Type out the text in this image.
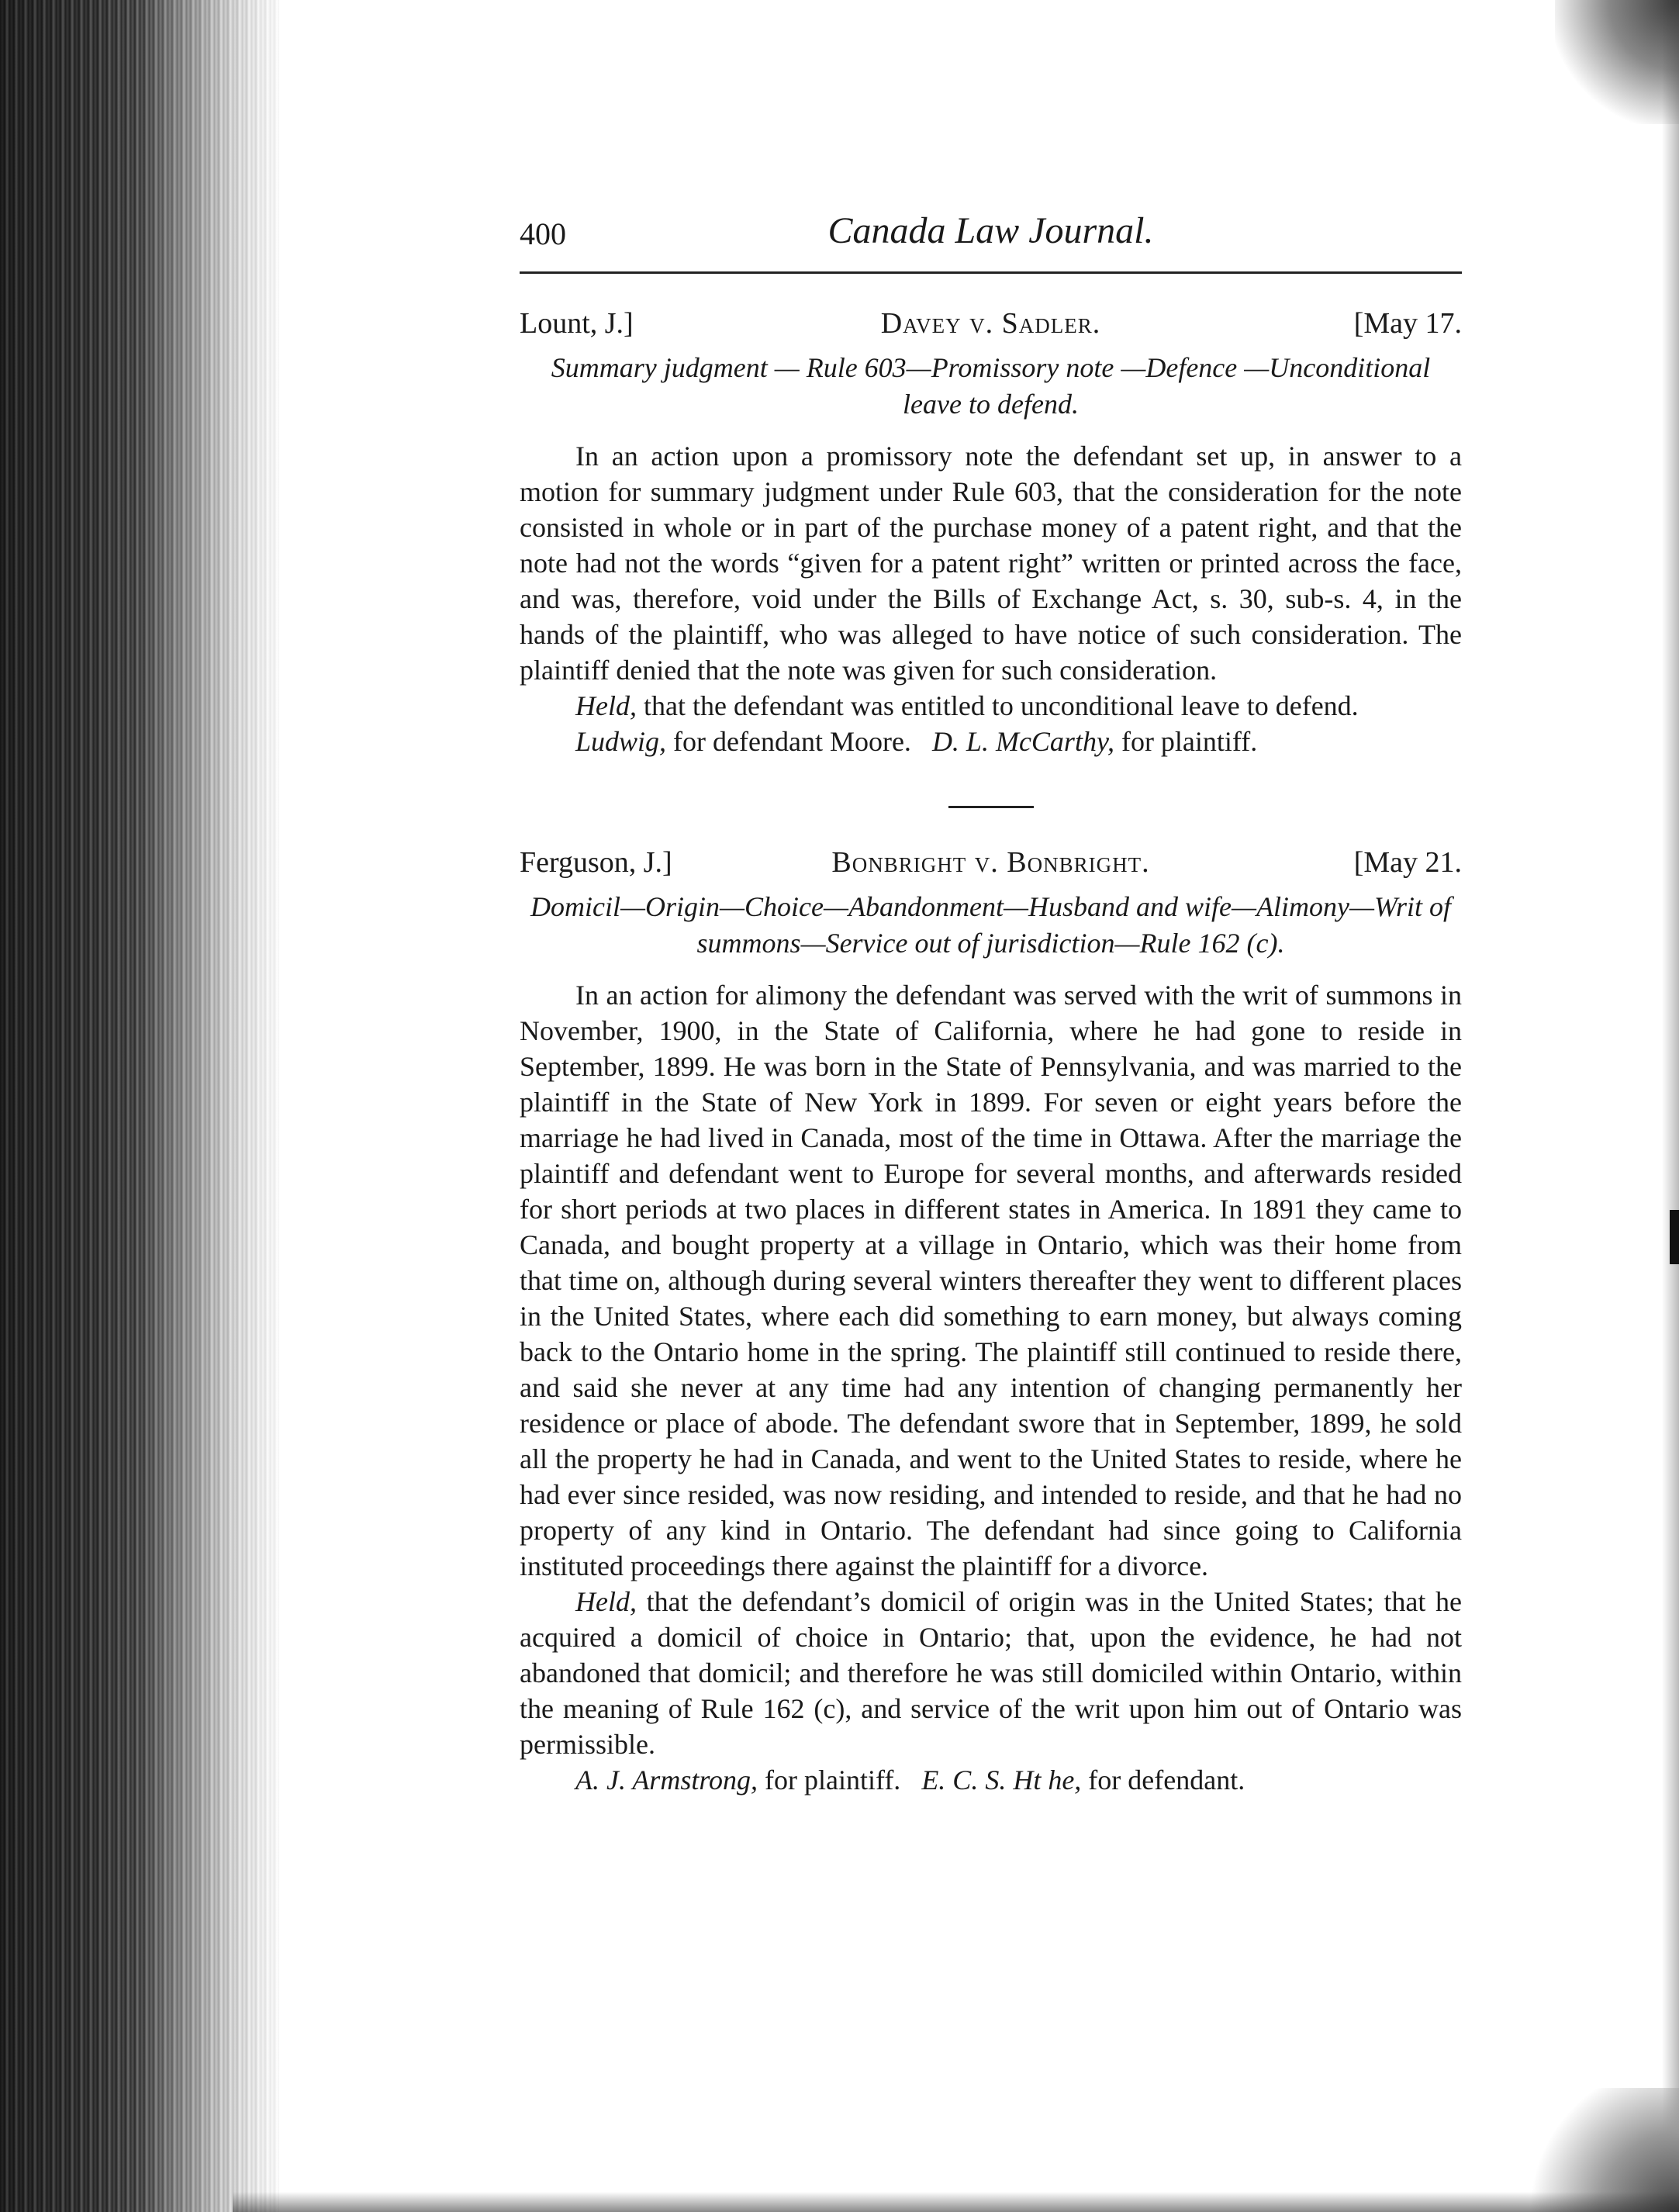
400	Canada Law Journal.
Lount, J.]	Davey v. Sadler.	[May 17.
Summary judgment — Rule 603—Promissory note —Defence —Unconditional leave to defend.

In an action upon a promissory note the defendant set up, in answer to a motion for summary judgment under Rule 603, that the consideration for the note consisted in whole or in part of the purchase money of a patent right, and that the note had not the words “given for a patent right” written or printed across the face, and was, therefore, void under the Bills of Exchange Act, s. 30, sub-s. 4, in the hands of the plaintiff, who was alleged to have notice of such consideration. The plaintiff denied that the note was given for such consideration.

Held, that the defendant was entitled to unconditional leave to defend.

Ludwig, for defendant Moore. D. L. McCarthy, for plaintiff.

Ferguson, J.]	Bonbright v. Bonbright.	[May 21.
Domicil—Origin—Choice—Abandonment—Husband and wife—Alimony—Writ of summons—Service out of jurisdiction—Rule 162 (c).

In an action for alimony the defendant was served with the writ of summons in November, 1900, in the State of California, where he had gone to reside in September, 1899. He was born in the State of Pennsylvania, and was married to the plaintiff in the State of New York in 1899. For seven or eight years before the marriage he had lived in Canada, most of the time in Ottawa. After the marriage the plaintiff and defendant went to Europe for several months, and afterwards resided for short periods at two places in different states in America. In 1891 they came to Canada, and bought property at a village in Ontario, which was their home from that time on, although during several winters thereafter they went to different places in the United States, where each did something to earn money, but always coming back to the Ontario home in the spring. The plaintiff still continued to reside there, and said she never at any time had any intention of changing permanently her residence or place of abode. The defendant swore that in September, 1899, he sold all the property he had in Canada, and went to the United States to reside, where he had ever since resided, was now residing, and intended to reside, and that he had no property of any kind in Ontario. The defendant had since going to California instituted proceedings there against the plaintiff for a divorce.

Held, that the defendant’s domicil of origin was in the United States; that he acquired a domicil of choice in Ontario; that, upon the evidence, he had not abandoned that domicil; and therefore he was still domiciled within Ontario, within the meaning of Rule 162 (c), and service of the writ upon him out of Ontario was permissible.

A. J. Armstrong, for plaintiff. E. C. S. Ht he, for defendant.
